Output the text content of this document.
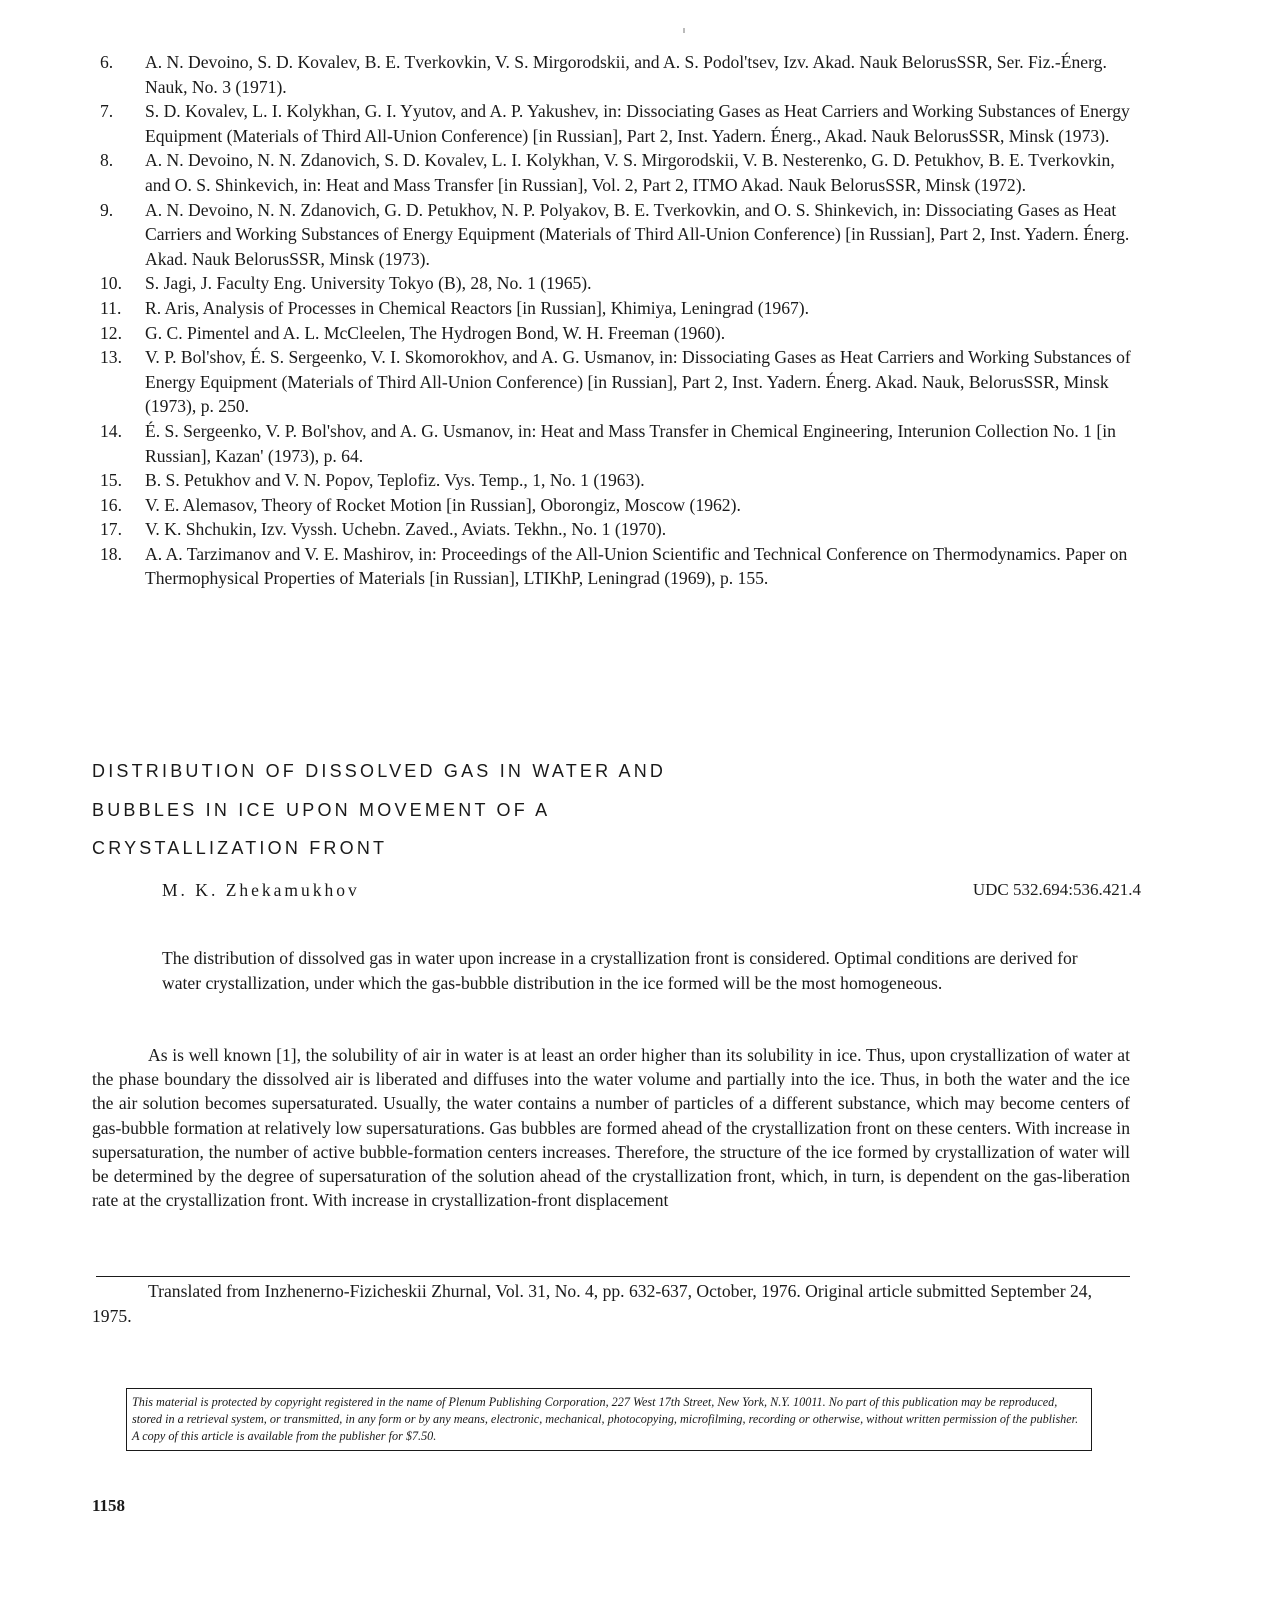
6.	A. N. Devoino, S. D. Kovalev, B. E. Tverkovkin, V. S. Mirgorodskii, and A. S. Podol'tsev, Izv. Akad. Nauk BelorusSSR, Ser. Fiz.-Énerg. Nauk, No. 3 (1971).
7.	S. D. Kovalev, L. I. Kolykhan, G. I. Yyutov, and A. P. Yakushev, in: Dissociating Gases as Heat Carriers and Working Substances of Energy Equipment (Materials of Third All-Union Conference) [in Russian], Part 2, Inst. Yadern. Énerg., Akad. Nauk BelorusSSR, Minsk (1973).
8.	A. N. Devoino, N. N. Zdanovich, S. D. Kovalev, L. I. Kolykhan, V. S. Mirgorodskii, V. B. Nesterenko, G. D. Petukhov, B. E. Tverkovkin, and O. S. Shinkevich, in: Heat and Mass Transfer [in Russian], Vol. 2, Part 2, ITMO Akad. Nauk BelorusSSR, Minsk (1972).
9.	A. N. Devoino, N. N. Zdanovich, G. D. Petukhov, N. P. Polyakov, B. E. Tverkovkin, and O. S. Shinkevich, in: Dissociating Gases as Heat Carriers and Working Substances of Energy Equipment (Materials of Third All-Union Conference) [in Russian], Part 2, Inst. Yadern. Énerg. Akad. Nauk BelorusSSR, Minsk (1973).
10.	S. Jagi, J. Faculty Eng. University Tokyo (B), 28, No. 1 (1965).
11.	R. Aris, Analysis of Processes in Chemical Reactors [in Russian], Khimiya, Leningrad (1967).
12.	G. C. Pimentel and A. L. McCleelen, The Hydrogen Bond, W. H. Freeman (1960).
13.	V. P. Bol'shov, É. S. Sergeenko, V. I. Skomorokhov, and A. G. Usmanov, in: Dissociating Gases as Heat Carriers and Working Substances of Energy Equipment (Materials of Third All-Union Conference) [in Russian], Part 2, Inst. Yadern. Énerg. Akad. Nauk, BelorusSSR, Minsk (1973), p. 250.
14.	É. S. Sergeenko, V. P. Bol'shov, and A. G. Usmanov, in: Heat and Mass Transfer in Chemical Engineering, Interunion Collection No. 1 [in Russian], Kazan' (1973), p. 64.
15.	B. S. Petukhov and V. N. Popov, Teplofiz. Vys. Temp., 1, No. 1 (1963).
16.	V. E. Alemasov, Theory of Rocket Motion [in Russian], Oborongiz, Moscow (1962).
17.	V. K. Shchukin, Izv. Vyssh. Uchebn. Zaved., Aviats. Tekhn., No. 1 (1970).
18.	A. A. Tarzimanov and V. E. Mashirov, in: Proceedings of the All-Union Scientific and Technical Conference on Thermodynamics. Paper on Thermophysical Properties of Materials [in Russian], LTIKhP, Leningrad (1969), p. 155.
DISTRIBUTION OF DISSOLVED GAS IN WATER AND
BUBBLES IN ICE UPON MOVEMENT OF A
CRYSTALLIZATION FRONT
M. K. Zhekamukhov	UDC 532.694:536.421.4
The distribution of dissolved gas in water upon increase in a crystallization front is considered. Optimal conditions are derived for water crystallization, under which the gas-bubble distribution in the ice formed will be the most homogeneous.

As is well known [1], the solubility of air in water is at least an order higher than its solubility in ice. Thus, upon crystallization of water at the phase boundary the dissolved air is liberated and diffuses into the water volume and partially into the ice. Thus, in both the water and the ice the air solution becomes supersaturated. Usually, the water contains a number of particles of a different substance, which may become centers of gas-bubble formation at relatively low supersaturations. Gas bubbles are formed ahead of the crystallization front on these centers. With increase in supersaturation, the number of active bubble-formation centers increases. Therefore, the structure of the ice formed by crystallization of water will be determined by the degree of supersaturation of the solution ahead of the crystallization front, which, in turn, is dependent on the gas-liberation rate at the crystallization front. With increase in crystallization-front displacement

Translated from Inzhenerno-Fizicheskii Zhurnal, Vol. 31, No. 4, pp. 632-637, October, 1976. Original article submitted September 24, 1975.
This material is protected by copyright registered in the name of Plenum Publishing Corporation, 227 West 17th Street, New York, N.Y. 10011. No part of this publication may be reproduced, stored in a retrieval system, or transmitted, in any form or by any means, electronic, mechanical, photocopying, microfilming, recording or otherwise, without written permission of the publisher. A copy of this article is available from the publisher for $7.50.
1158
